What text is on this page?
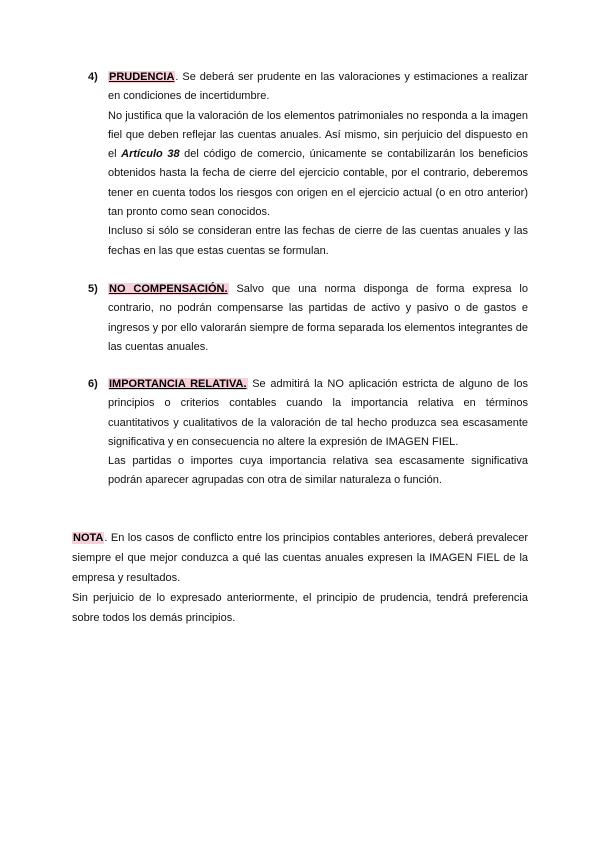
4) PRUDENCIA. Se deberá ser prudente en las valoraciones y estimaciones a realizar en condiciones de incertidumbre.

No justifica que la valoración de los elementos patrimoniales no responda a la imagen fiel que deben reflejar las cuentas anuales. Así mismo, sin perjuicio del dispuesto en el Artículo 38 del código de comercio, únicamente se contabilizarán los beneficios obtenidos hasta la fecha de cierre del ejercicio contable, por el contrario, deberemos tener en cuenta todos los riesgos con origen en el ejercicio actual (o en otro anterior) tan pronto como sean conocidos.

Incluso si sólo se consideran entre las fechas de cierre de las cuentas anuales y las fechas en las que estas cuentas se formulan.

5) NO COMPENSACIÓN. Salvo que una norma disponga de forma expresa lo contrario, no podrán compensarse las partidas de activo y pasivo o de gastos e ingresos y por ello valorarán siempre de forma separada los elementos integrantes de las cuentas anuales.

6) IMPORTANCIA RELATIVA. Se admitirá la NO aplicación estricta de alguno de los principios o criterios contables cuando la importancia relativa en términos cuantitativos y cualitativos de la valoración de tal hecho produzca sea escasamente significativa y en consecuencia no altere la expresión de IMAGEN FIEL.

Las partidas o importes cuya importancia relativa sea escasamente significativa podrán aparecer agrupadas con otra de similar naturaleza o función.

NOTA. En los casos de conflicto entre los principios contables anteriores, deberá prevalecer siempre el que mejor conduzca a qué las cuentas anuales expresen la IMAGEN FIEL de la empresa y resultados.

Sin perjuicio de lo expresado anteriormente, el principio de prudencia, tendrá preferencia sobre todos los demás principios.
